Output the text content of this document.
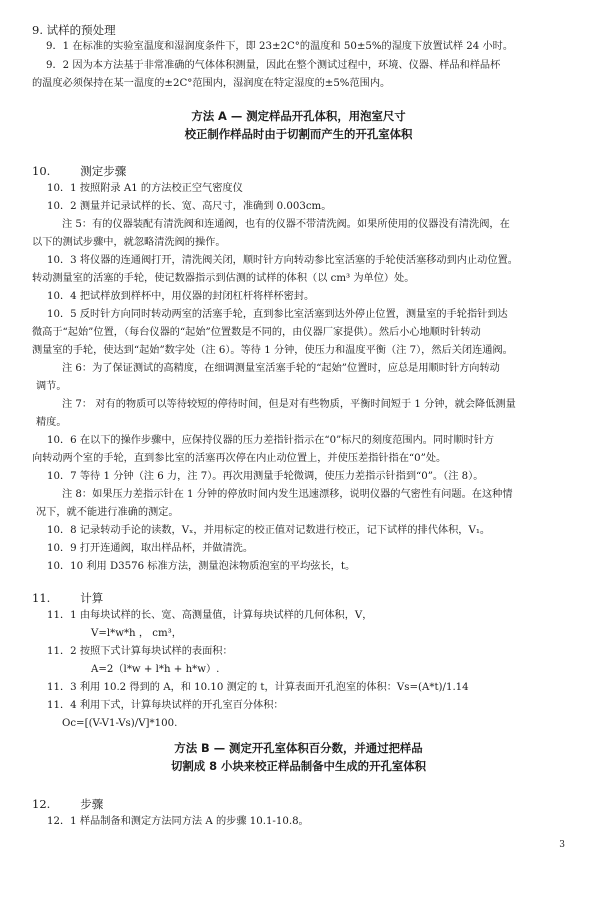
9. 试样的预处理
9．1 在标准的实验室温度和湿润度条件下，即 23±2C°的温度和 50±5%的湿度下放置试样 24 小时。
9．2 因为本方法基于非常准确的气体体积测量，因此在整个测试过程中，环境、仪器、样品和样品杯
的温度必须保持在某一温度的±2C°范围内，湿润度在特定湿度的±5%范围内。
方法 A — 测定样品开孔体积，用泡室尺寸
校正制作样品时由于切割而产生的开孔室体积
10.	测定步骤
10．1 按照附录 A1 的方法校正空气密度仪
10．2 测量并记录试样的长、宽、高尺寸，准确到 0.003cm。
注 5：有的仪器装配有清洗阀和连通阀，也有的仪器不带清洗阀。如果所使用的仪器没有清洗阀，在
以下的测试步骤中，就忽略清洗阀的操作。
10．3 将仪器的连通阀打开，清洗阀关闭，顺时针方向转动参比室活塞的手轮使活塞移动到内止动位置。
转动测量室的活塞的手轮，使记数器指示到估测的试样的体积（以 cm³ 为单位）处。
10．4 把试样放到样杯中，用仪器的封闭杠杆将样杯密封。
10．5 反时针方向同时转动两室的活塞手轮，直到参比室活塞到达外停止位置，测量室的手轮指针到达
微高于“起始”位置，（每台仪器的“起始”位置数是不同的，由仪器厂家提供）。然后小心地顺时针转动
测量室的手轮，使达到“起始”数字处（注 6）。等待 1 分钟，使压力和温度平衡（注 7），然后关闭连通阀。
注 6：为了保证测试的高精度，在细调测量室活塞手轮的“起始”位置时，应总是用顺时针方向转动
调节。
注 7： 对有的物质可以等待较短的停待时间，但是对有些物质，平衡时间短于 1 分钟，就会降低测量
精度。
10．6 在以下的操作步骤中，应保持仪器的压力差指针指示在“0”标尺的刻度范围内。同时顺时针方
向转动两个室的手轮，直到参比室的活塞再次停在内止动位置上，并使压差指针指在“0”处。
10．7 等待 1 分钟（注 6 力，注 7）。再次用测量手轮微调，使压力差指示针指到“0”。（注 8）。
注 8：如果压力差指示针在 1 分钟的停放时间内发生迅速漂移，说明仪器的气密性有问题。在这种情
况下，就不能进行准确的测定。
10．8 记录转动手论的读数，Vₓ，并用标定的校正值对记数进行校正，记下试样的排代体积，V₁。
10．9 打开连通阀，取出样品杯，并做清洗。
10．10 利用 D3576 标准方法，测量泡沫物质泡室的平均弦长，t。
11.	计算
11．1 由每块试样的长、宽、高测量值，计算每块试样的几何体积，V，
V=l*w*h ， cm³，
11．2 按照下式计算每块试样的表面积：
A=2（l*w + l*h + h*w）.
11．3 利用 10.2 得到的 A，和 10.10 测定的 t，计算表面开孔泡室的体积：Vs=(A*t)/1.14
11．4 利用下式，计算每块试样的开孔室百分体积：
Oc=[(V-V1-Vs)/V]*100.
方法 B — 测定开孔室体积百分数，并通过把样品
切割成 8 小块来校正样品制备中生成的开孔室体积
12.	步骤
12．1 样品制备和测定方法同方法 A 的步骤 10.1-10.8。
3
